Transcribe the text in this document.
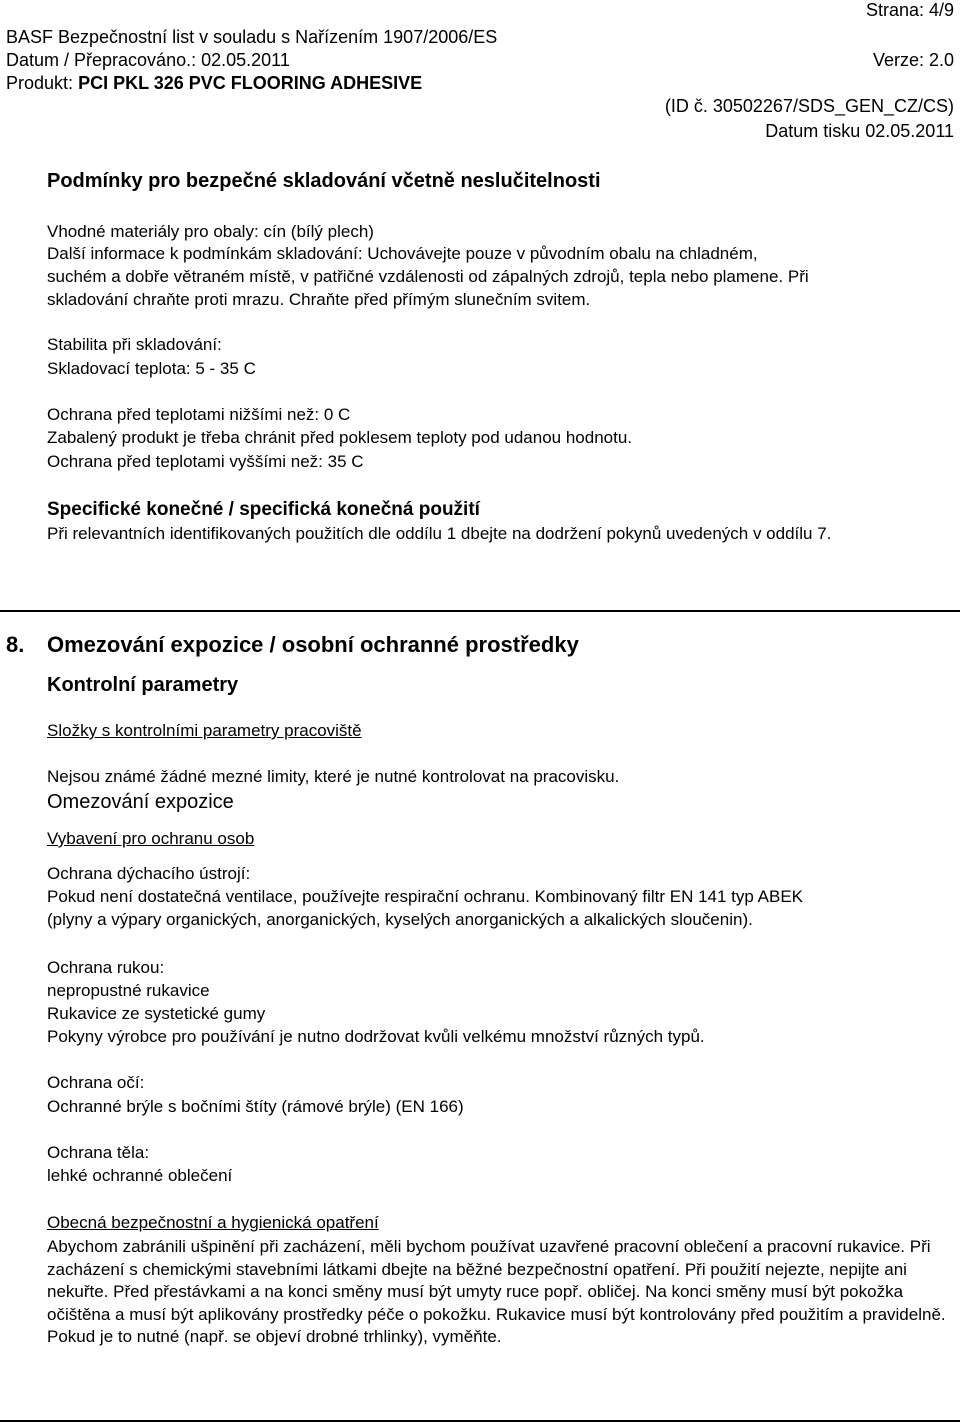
Strana: 4/9
BASF Bezpečnostní list v souladu s Nařízením 1907/2006/ES
Datum / Přepracováno.: 02.05.2011	Verze: 2.0
Produkt: PCI PKL 326 PVC FLOORING ADHESIVE
(ID č. 30502267/SDS_GEN_CZ/CS)
Datum tisku 02.05.2011
Podmínky pro bezpečné skladování včetně neslučitelnosti
Vhodné materiály pro obaly: cín (bílý plech)
Další informace k podmínkám skladování: Uchovávejte pouze v původním obalu na chladném,
suchém a dobře větraném místě, v patřičné vzdálenosti od zápalných zdrojů, tepla nebo plamene. Při
skladování chraňte proti mrazu. Chraňte před přímým slunečním svitem.
Stabilita při skladování:
Skladovací teplota: 5 - 35 C
Ochrana před teplotami nižšími než: 0 C
Zabalený produkt je třeba chránit před poklesem teploty pod udanou hodnotu.
Ochrana před teplotami vyššími než: 35 C
Specifické konečné / specifická konečná použití
Při relevantních identifikovaných použitích dle oddílu 1 dbejte na dodržení pokynů uvedených v oddílu 7.
8. Omezování expozice / osobní ochranné prostředky
Kontrolní parametry
Složky s kontrolními parametry pracoviště
Nejsou známé žádné mezné limity, které je nutné kontrolovat na pracovisku.
Omezování expozice
Vybavení pro ochranu osob
Ochrana dýchacího ústrojí:
Pokud není dostatečná ventilace, používejte respirační ochranu. Kombinovaný filtr EN 141 typ ABEK
(plyny a výpary organických, anorganických, kyselých anorganických a alkalických sloučenin).
Ochrana rukou:
nepropustné rukavice
Rukavice ze systetické gumy
Pokyny výrobce pro používání je nutno dodržovat kvůli velkému množství různých typů.
Ochrana očí:
Ochranné brýle s bočními štíty (rámové brýle) (EN 166)
Ochrana těla:
lehké ochranné oblečení
Obecná bezpečnostní a hygienická opatření
Abychom zabránili ušpinění při zacházení, měli bychom používat uzavřené pracovní oblečení a pracovní rukavice. Při zacházení s chemickými stavebními látkami dbejte na běžné bezpečnostní opatření. Při použití nejezte, nepijte ani nekuřte. Před přestávkami a na konci směny musí být umyty ruce popř. obličej. Na konci směny musí být pokožka očištěna a musí být aplikovány prostředky péče o pokožku. Rukavice musí být kontrolovány před použitím a pravidelně. Pokud je to nutné (např. se objeví drobné trhlinky), vyměňte.
